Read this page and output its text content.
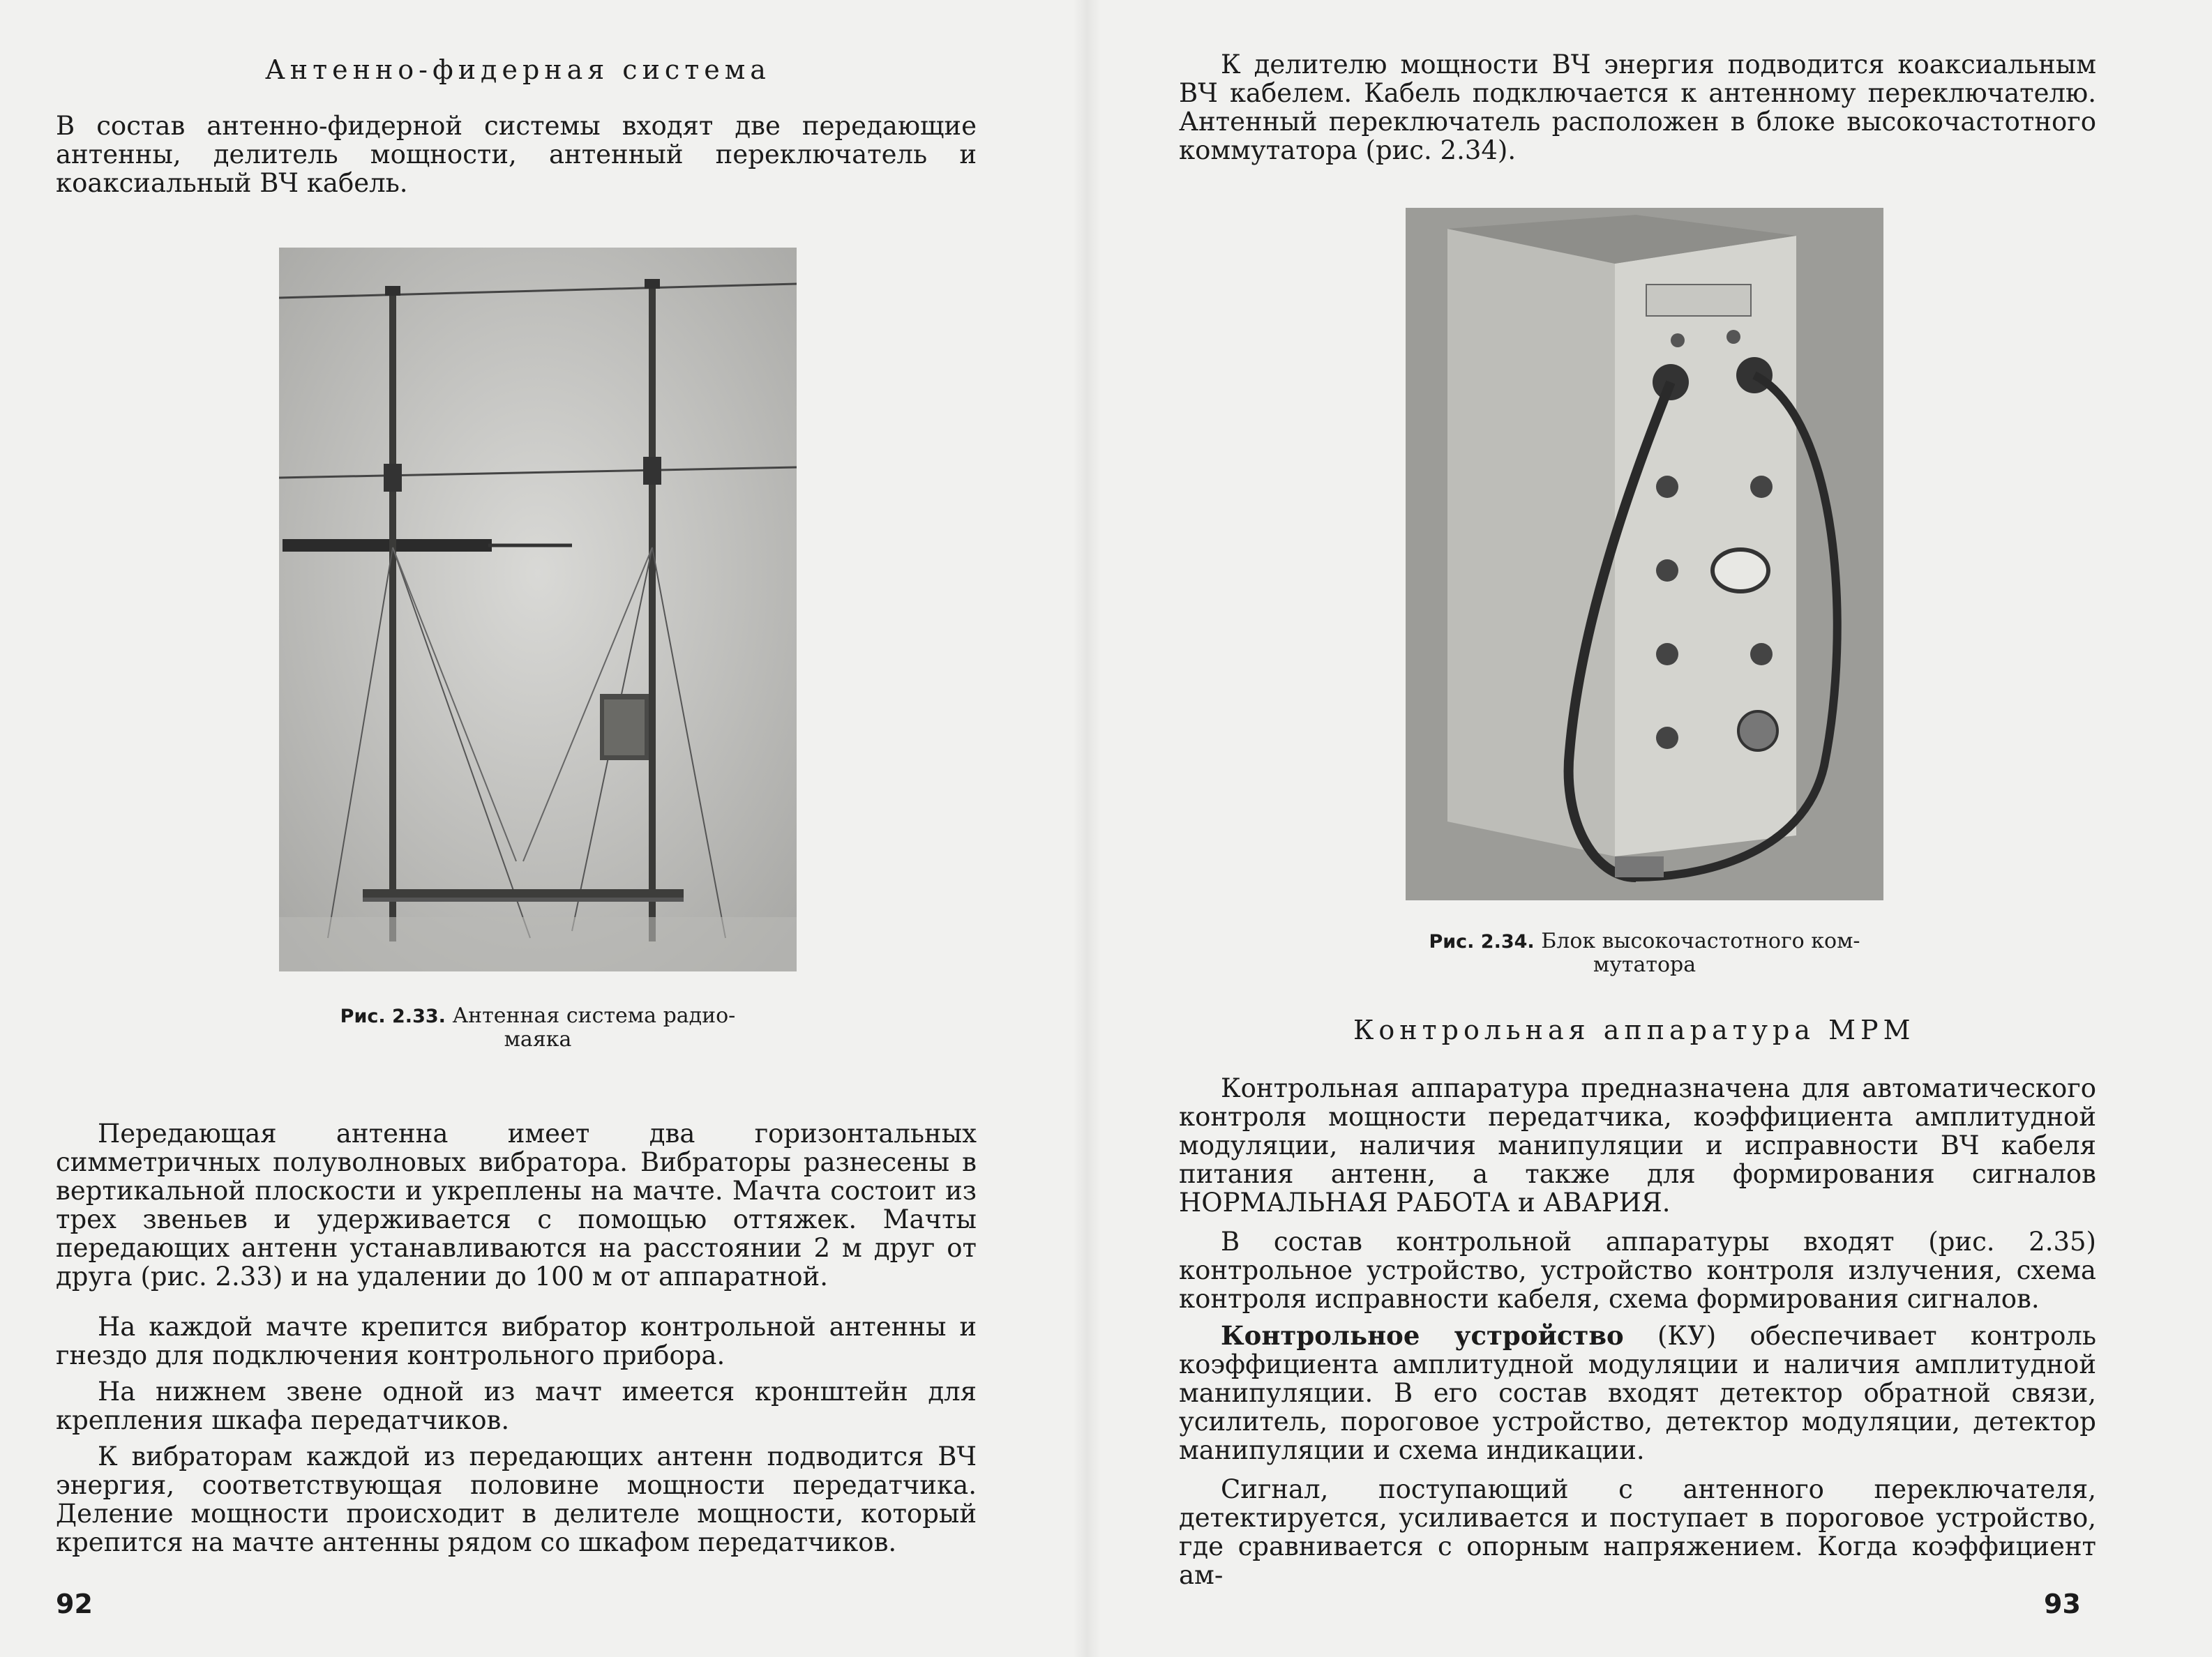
Антенно-фидерная система

В состав антенно-фидерной системы входят две передающие антенны, делитель мощности, антенный переключатель и коаксиальный ВЧ кабель.

Рис. 2.33. Антенная система радио-
маяка

Передающая антенна имеет два горизонтальных симметричных полуволновых вибратора. Вибраторы разнесены в вертикальной плоскости и укреплены на мачте. Мачта состоит из трех звеньев и удерживается с помощью оттяжек. Мачты передающих антенн устанавливаются на расстоянии 2 м друг от друга (рис. 2.33) и на удалении до 100 м от аппаратной.

На каждой мачте крепится вибратор контрольной антенны и гнездо для подключения контрольного прибора.

На нижнем звене одной из мачт имеется кронштейн для крепления шкафа передатчиков.

К вибраторам каждой из передающих антенн подводится ВЧ энергия, соответствующая половине мощности передатчика. Деление мощности происходит в делителе мощности, который крепится на мачте антенны рядом со шкафом передатчиков.

92

К делителю мощности ВЧ энергия подводится коаксиальным ВЧ кабелем. Кабель подключается к антенному переключателю. Антенный переключатель расположен в блоке высокочастотного коммутатора (рис. 2.34).

Рис. 2.34. Блок высокочастотного ком-
мутатора
Контрольная аппаратура МРМ

Контрольная аппаратура предназначена для автоматического контроля мощности передатчика, коэффициента амплитудной модуляции, наличия манипуляции и исправности ВЧ кабеля питания антенн, а также для формирования сигналов НОРМАЛЬНАЯ РАБОТА и АВАРИЯ.

В состав контрольной аппаратуры входят (рис. 2.35) контрольное устройство, устройство контроля излучения, схема контроля исправности кабеля, схема формирования сигналов.

Контрольное устройство (КУ) обеспечивает контроль коэффициента амплитудной модуляции и наличия амплитудной манипуляции. В его состав входят детектор обратной связи, усилитель, пороговое устройство, детектор модуляции, детектор манипуляции и схема индикации.

Сигнал, поступающий с антенного переключателя, детектируется, усиливается и поступает в пороговое устройство, где сравнивается с опорным напряжением. Когда коэффициент ам-

93
